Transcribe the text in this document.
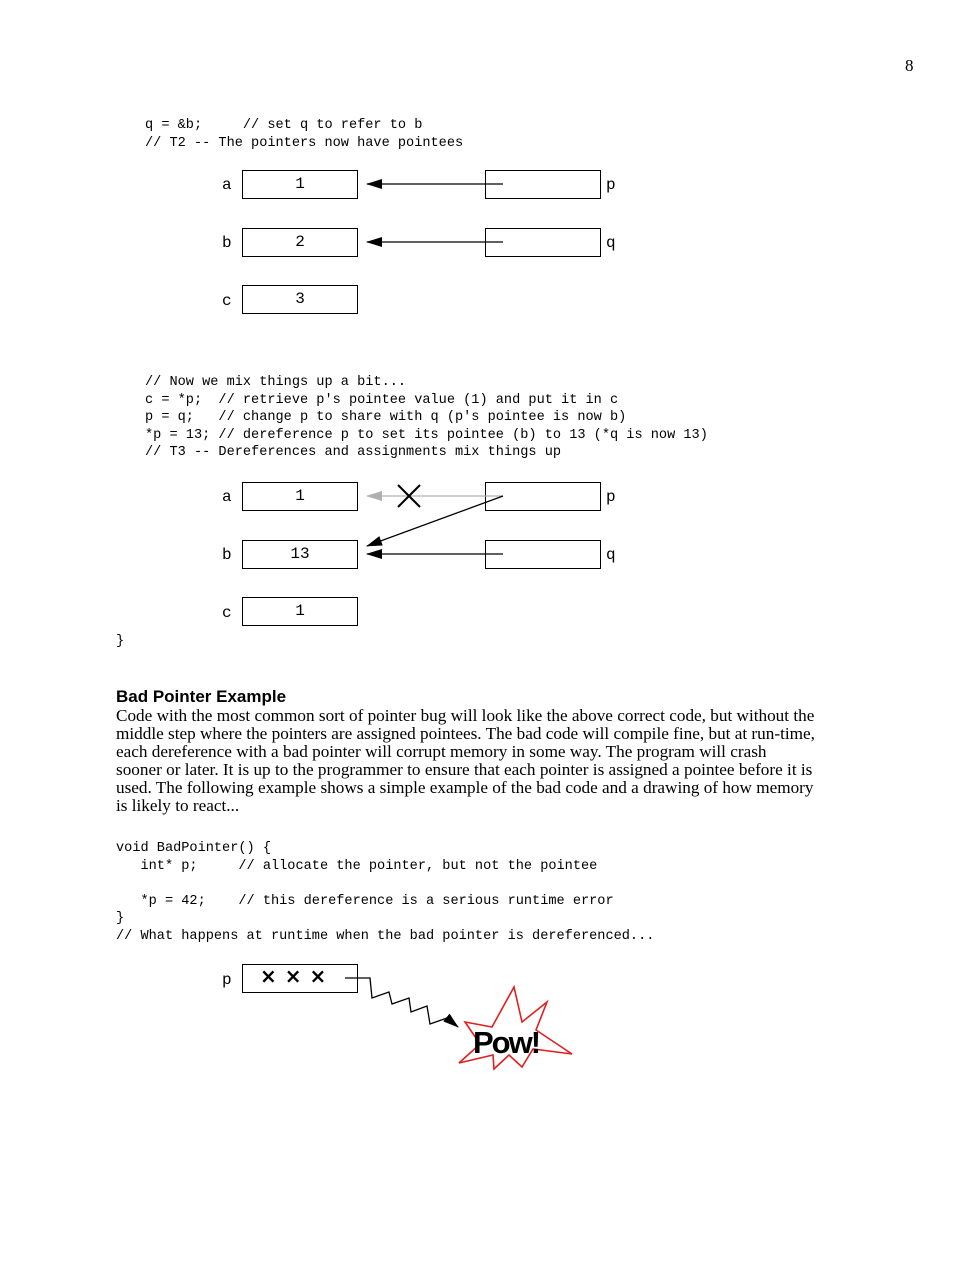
8
q = &b;     // set q to refer to b
// T2 -- The pointers now have pointees
a	1
b	2
c	3
p
q
// Now we mix things up a bit...
c = *p;  // retrieve p's pointee value (1) and put it in c
p = q;   // change p to share with q (p's pointee is now b)
*p = 13; // dereference p to set its pointee (b) to 13 (*q is now 13)
// T3 -- Dereferences and assignments mix things up
a	1
b	13
c	1
p
q
}
Bad Pointer Example

Code with the most common sort of pointer bug will look like the above correct code, but without the middle step where the pointers are assigned pointees. The bad code will compile fine, but at run-time, each dereference with a bad pointer will corrupt memory in some way. The program will crash sooner or later. It is up to the programmer to ensure that each pointer is assigned a pointee before it is used. The following example shows a simple example of the bad code and a drawing of how memory is likely to react...

void BadPointer() {
int* p;     // allocate the pointer, but not the pointee

*p = 42;    // this dereference is a serious runtime error
}
// What happens at runtime when the bad pointer is dereferenced...
p ×××
Pow!
